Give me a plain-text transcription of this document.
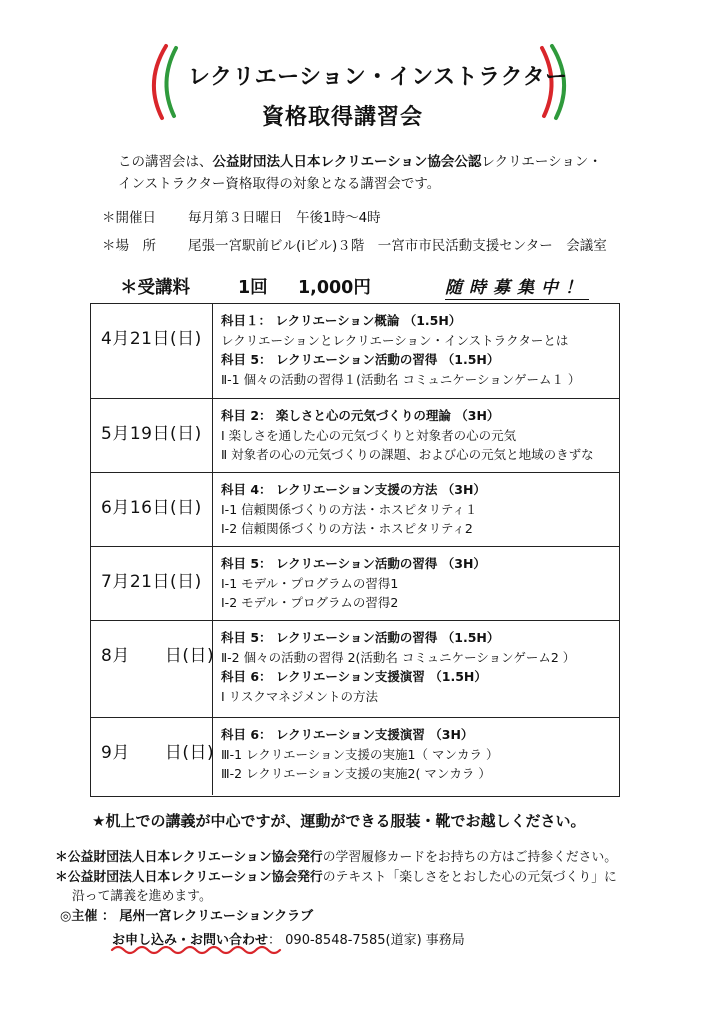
レクリエーション・インストラクター
資格取得講習会
この講習会は、公益財団法人日本レクリエーション協会公認レクリエーション・
インストラクター資格取得の対象となる講習会です。
＊開催日 毎月第３日曜日　午後1時～4時
＊場　所 尾張一宮駅前ビル(iビル)３階　一宮市市民活動支援センター　会議室
＊受講料	1回 1,000円	随時募集中！
4月21日(日)
科目１： レクリエーション概論 （1.5H）
レクリエーションとレクリエーション・インストラクターとは
科目 5： レクリエーション活動の習得 （1.5H）
Ⅱ-1 個々の活動の習得１(活動名 コミュニケーションゲーム１ ）
5月19日(日)
科目 2： 楽しさと心の元気づくりの理論 （3H）
Ⅰ 楽しさを通した心の元気づくりと対象者の心の元気
Ⅱ 対象者の心の元気づくりの課題、および心の元気と地域のきずな
6月16日(日)
科目 4： レクリエーション支援の方法 （3H）
Ⅰ-1 信頼関係づくりの方法・ホスピタリティ１
Ⅰ-2 信頼関係づくりの方法・ホスピタリティ2
7月21日(日)
科目 5： レクリエーション活動の習得 （3H）
Ⅰ-1 モデル・プログラムの習得1
Ⅰ-2 モデル・プログラムの習得2
8月　　日(日)
科目 5： レクリエーション活動の習得 （1.5H）
Ⅱ-2 個々の活動の習得 2(活動名 コミュニケーションゲーム2 ）
科目 6： レクリエーション支援演習 （1.5H）
Ⅰ リスクマネジメントの方法
9月　　日(日)
科目 6： レクリエーション支援演習 （3H）
Ⅲ-1 レクリエーション支援の実施1（ マンカラ ）
Ⅲ-2 レクリエーション支援の実施2( マンカラ ）
★机上での講義が中心ですが、運動ができる服装・靴でお越しください。
＊公益財団法人日本レクリエーション協会発行の学習履修カードをお持ちの方はご持参ください。
＊公益財団法人日本レクリエーション協会発行のテキスト「楽しさをとおした心の元気づくり」に
沿って講義を進めます。
◎主催 ： 尾州一宮レクリエーションクラブ
お申し込み・お問い合わせ： 090-8548-7585(道家) 事務局
